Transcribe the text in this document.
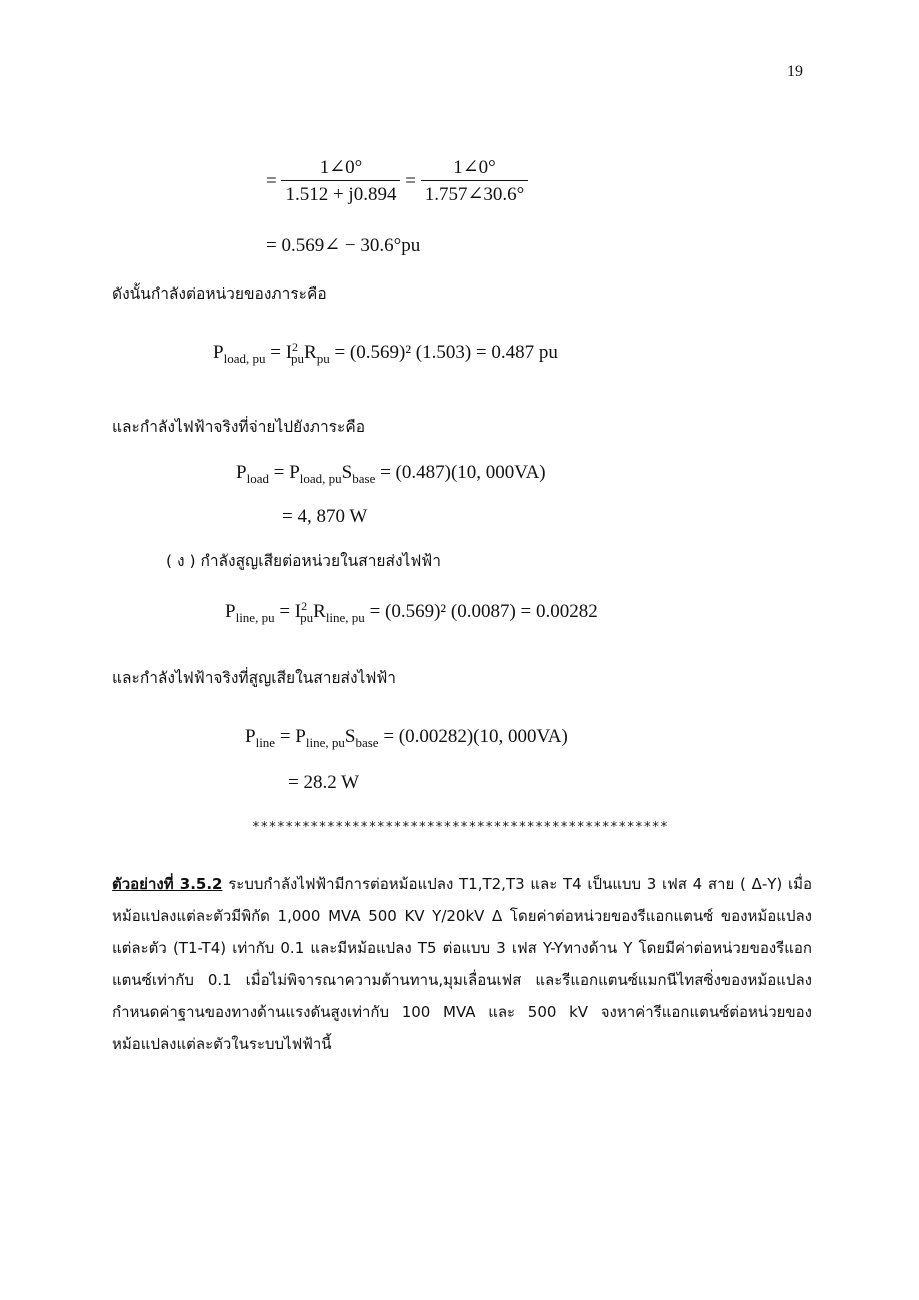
19
= $\frac{1\angle 0^\circ}{1.512 + j0.894} = \frac{1\angle 0^\circ}{1.757\angle 30.6^\circ}$
= 0.569∠ − 30.6°pu
ดังนั้นกำลังต่อหน่วยของภาระคือ
$P_{load, pu} = I^2_{pu}R_{pu} = (0.569)^2$ (1.503) = 0.487 pu
และกำลังไฟฟ้าจริงที่จ่ายไปยังภาระคือ
$P_{load} = P_{load, pu}S_{base} = (0.487)(10$, 000VA)
= 4, 870 W
( ง ) กำลังสูญเสียต่อหน่วยในสายส่งไฟฟ้า
$P_{line, pu} = I^2_{pu}R_{line, pu} = (0.569)^2$ (0.0087) = 0.00282
และกำลังไฟฟ้าจริงที่สูญเสียในสายส่งไฟฟ้า
$P_{line} = P_{line, pu}S_{base} = (0.00282)(10$, 000VA)
= 28.2 W
**************************************************
ตัวอย่างที่ 3.5.2 ระบบกำลังไฟฟ้ามีการต่อหม้อแปลง T1,T2,T3 และ T4 เป็นแบบ 3 เฟส 4 สาย ( Δ-Y) เมื่อหม้อแปลงแต่ละตัวมีพิกัด 1,000 MVA 500 KV Y/20kV Δ โดยค่าต่อหน่วยของรีแอกแตนซ์ ของหม้อแปลงแต่ละตัว (T1-T4) เท่ากับ 0.1 และมีหม้อแปลง T5 ต่อแบบ 3 เฟส Y-Yทางด้าน Y โดยมีค่าต่อหน่วยของรีแอกแตนซ์เท่ากับ 0.1 เมื่อไม่พิจารณาความต้านทาน,มุมเลื่อนเฟส และรีแอกแตนซ์แมกนีไทสซิ่งของหม้อแปลง กำหนดค่าฐานของทางด้านแรงดันสูงเท่ากับ 100 MVA และ 500 kV จงหาค่ารีแอกแตนซ์ต่อหน่วยของหม้อแปลงแต่ละตัวในระบบไฟฟ้านี้
